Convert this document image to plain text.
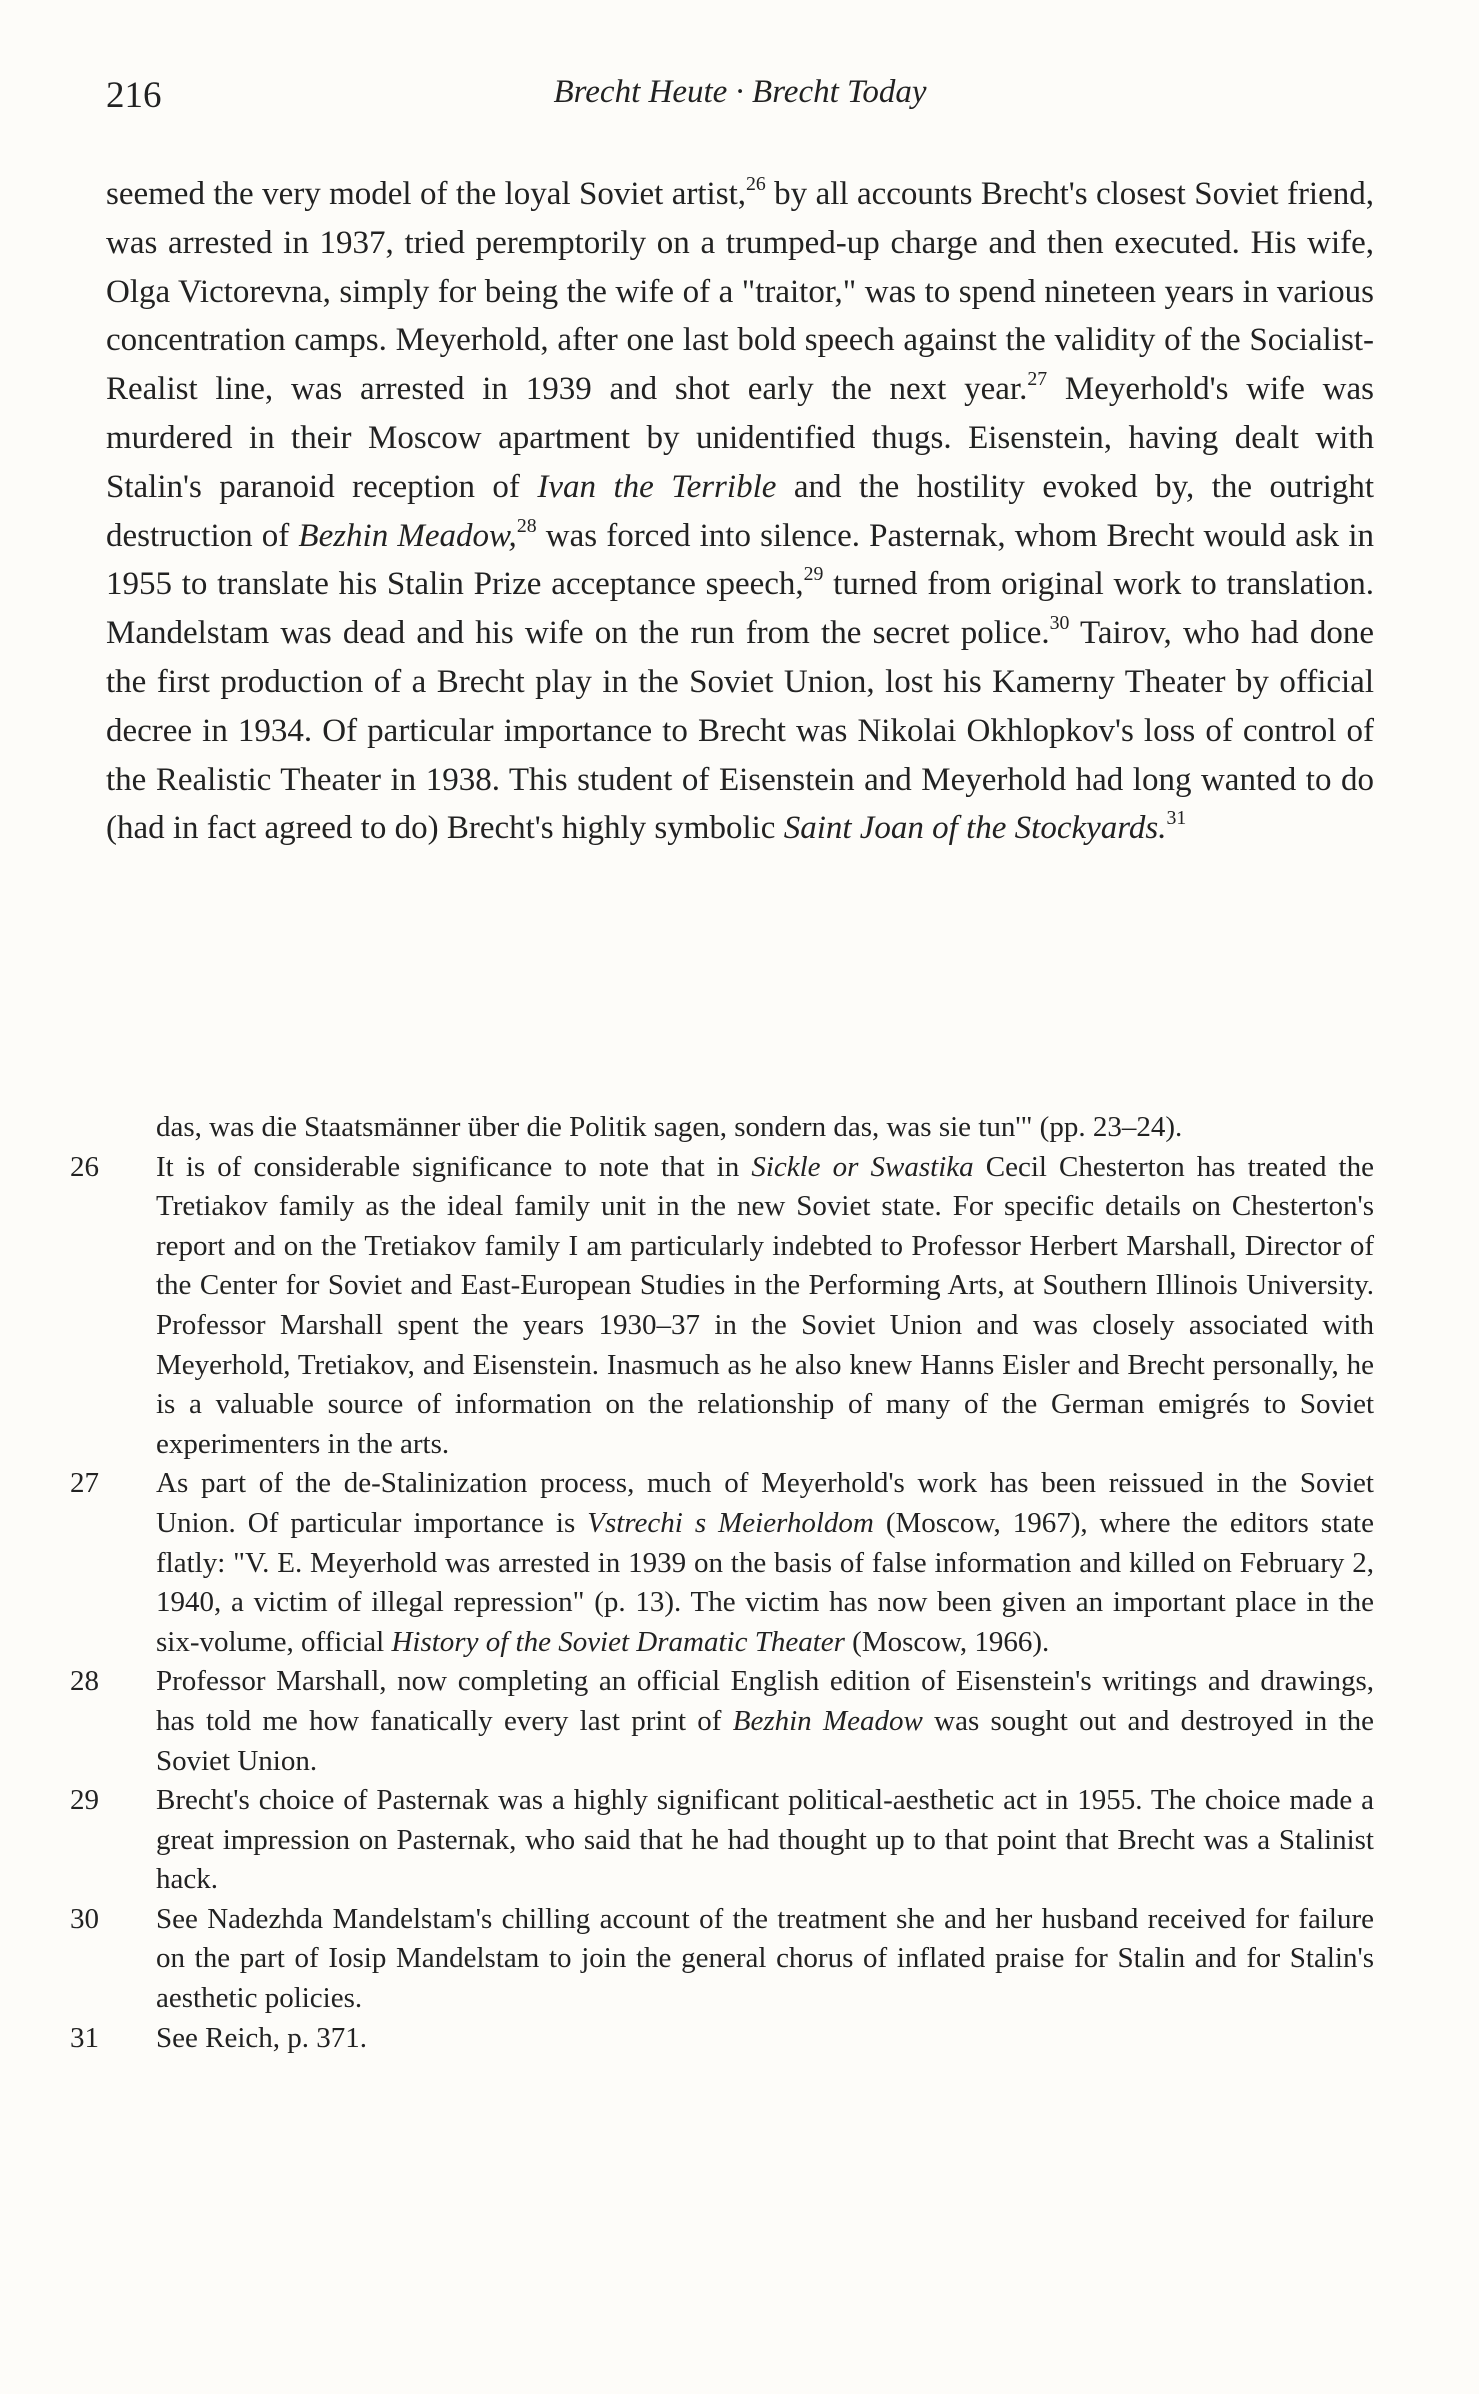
216	Brecht Heute · Brecht Today

seemed the very model of the loyal Soviet artist,$^{26}$ by all accounts Brecht's closest Soviet friend, was arrested in 1937, tried peremptorily on a trumped-up charge and then executed. His wife, Olga Victorevna, simply for being the wife of a "traitor," was to spend nineteen years in various concentration camps. Meyerhold, after one last bold speech against the validity of the Socialist-Realist line, was arrested in 1939 and shot early the next year.$^{27}$ Meyerhold's wife was murdered in their Moscow apartment by unidentified thugs. Eisenstein, having dealt with Stalin's paranoid reception of Ivan the Terrible and the hostility evoked by, the outright destruction of Bezhin Meadow,$^{28}$ was forced into silence. Pasternak, whom Brecht would ask in 1955 to translate his Stalin Prize acceptance speech,$^{29}$ turned from original work to translation. Mandelstam was dead and his wife on the run from the secret police.$^{30}$ Tairov, who had done the first production of a Brecht play in the Soviet Union, lost his Kamerny Theater by official decree in 1934. Of particular importance to Brecht was Nikolai Okhlopkov's loss of control of the Realistic Theater in 1938. This student of Eisenstein and Meyerhold had long wanted to do (had in fact agreed to do) Brecht's highly symbolic Saint Joan of the Stockyards.$^{31}$

das, was die Staatsmänner über die Politik sagen, sondern das, was sie tun'" (pp. 23–24).

26	It is of considerable significance to note that in Sickle or Swastika Cecil Chesterton has treated the Tretiakov family as the ideal family unit in the new Soviet state. For specific details on Chesterton's report and on the Tretiakov family I am particularly indebted to Professor Herbert Marshall, Director of the Center for Soviet and East-European Studies in the Performing Arts, at Southern Illinois University. Professor Marshall spent the years 1930–37 in the Soviet Union and was closely associated with Meyerhold, Tretiakov, and Eisenstein. Inasmuch as he also knew Hanns Eisler and Brecht personally, he is a valuable source of information on the relationship of many of the German emigrés to Soviet experimenters in the arts.
27	As part of the de-Stalinization process, much of Meyerhold's work has been reissued in the Soviet Union. Of particular importance is Vstrechi s Meierholdom (Moscow, 1967), where the editors state flatly: "V. E. Meyerhold was arrested in 1939 on the basis of false information and killed on February 2, 1940, a victim of illegal repression" (p. 13). The victim has now been given an important place in the six-volume, official History of the Soviet Dramatic Theater (Moscow, 1966).
28	Professor Marshall, now completing an official English edition of Eisenstein's writings and drawings, has told me how fanatically every last print of Bezhin Meadow was sought out and destroyed in the Soviet Union.
29	Brecht's choice of Pasternak was a highly significant political-aesthetic act in 1955. The choice made a great impression on Pasternak, who said that he had thought up to that point that Brecht was a Stalinist hack.
30	See Nadezhda Mandelstam's chilling account of the treatment she and her husband received for failure on the part of Iosip Mandelstam to join the general chorus of inflated praise for Stalin and for Stalin's aesthetic policies.
31	See Reich, p. 371.
